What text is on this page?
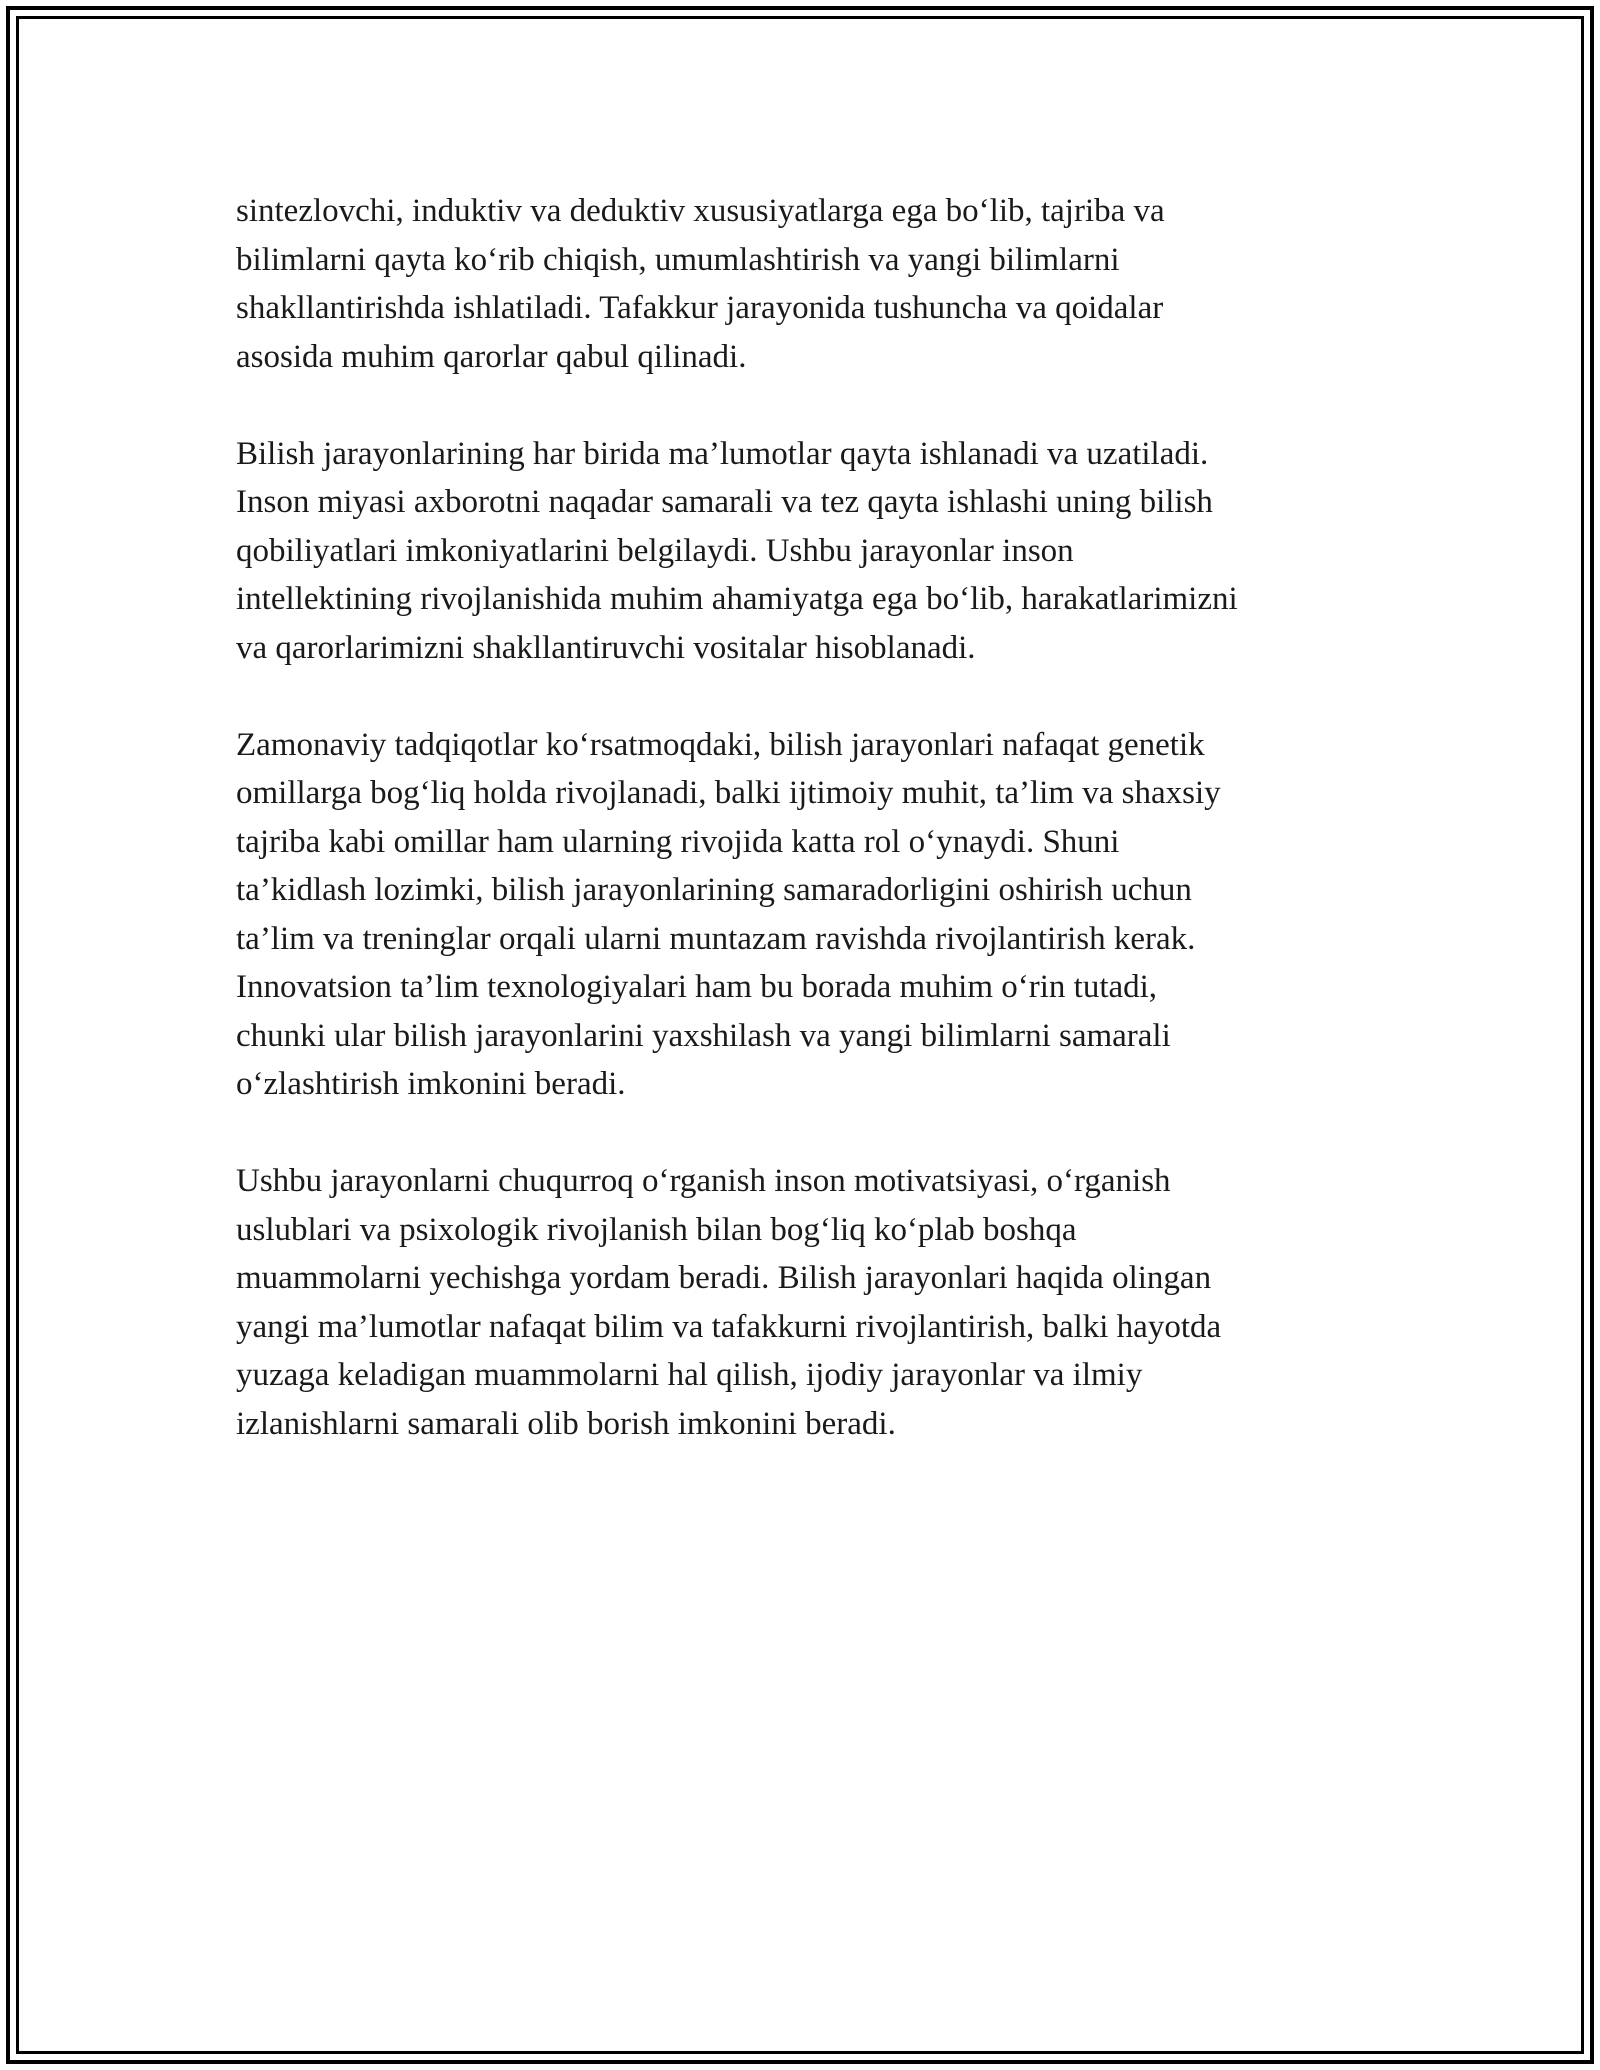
sintezlovchi, induktiv va deduktiv xususiyatlarga ega bo‘lib, tajriba va
bilimlarni qayta ko‘rib chiqish, umumlashtirish va yangi bilimlarni
shakllantirishda ishlatiladi. Tafakkur jarayonida tushuncha va qoidalar
asosida muhim qarorlar qabul qilinadi.

Bilish jarayonlarining har birida ma’lumotlar qayta ishlanadi va uzatiladi.
Inson miyasi axborotni naqadar samarali va tez qayta ishlashi uning bilish
qobiliyatlari imkoniyatlarini belgilaydi. Ushbu jarayonlar inson
intellektining rivojlanishida muhim ahamiyatga ega bo‘lib, harakatlarimizni
va qarorlarimizni shakllantiruvchi vositalar hisoblanadi.

Zamonaviy tadqiqotlar ko‘rsatmoqdaki, bilish jarayonlari nafaqat genetik
omillarga bog‘liq holda rivojlanadi, balki ijtimoiy muhit, ta’lim va shaxsiy
tajriba kabi omillar ham ularning rivojida katta rol o‘ynaydi. Shuni
ta’kidlash lozimki, bilish jarayonlarining samaradorligini oshirish uchun
ta’lim va treninglar orqali ularni muntazam ravishda rivojlantirish kerak.
Innovatsion ta’lim texnologiyalari ham bu borada muhim o‘rin tutadi,
chunki ular bilish jarayonlarini yaxshilash va yangi bilimlarni samarali
o‘zlashtirish imkonini beradi.

Ushbu jarayonlarni chuqurroq o‘rganish inson motivatsiyasi, o‘rganish
uslublari va psixologik rivojlanish bilan bog‘liq ko‘plab boshqa
muammolarni yechishga yordam beradi. Bilish jarayonlari haqida olingan
yangi ma’lumotlar nafaqat bilim va tafakkurni rivojlantirish, balki hayotda
yuzaga keladigan muammolarni hal qilish, ijodiy jarayonlar va ilmiy
izlanishlarni samarali olib borish imkonini beradi.
